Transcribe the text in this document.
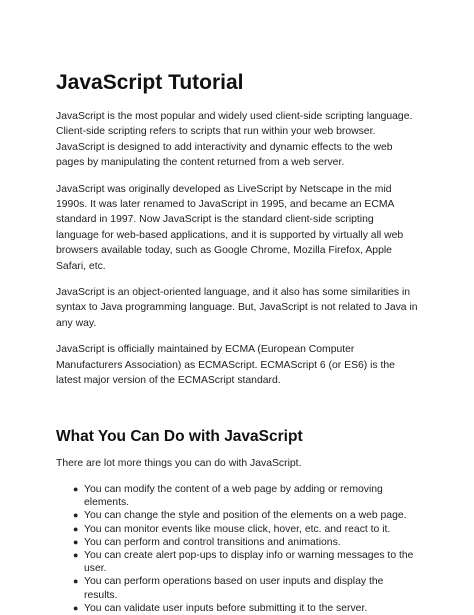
JavaScript Tutorial

JavaScript is the most popular and widely used client-side scripting language. Client-side scripting refers to scripts that run within your web browser. JavaScript is designed to add interactivity and dynamic effects to the web pages by manipulating the content returned from a web server.

JavaScript was originally developed as LiveScript by Netscape in the mid 1990s. It was later renamed to JavaScript in 1995, and became an ECMA standard in 1997. Now JavaScript is the standard client-side scripting language for web-based applications, and it is supported by virtually all web browsers available today, such as Google Chrome, Mozilla Firefox, Apple Safari, etc.

JavaScript is an object-oriented language, and it also has some similarities in syntax to Java programming language. But, JavaScript is not related to Java in any way.

JavaScript is officially maintained by ECMA (European Computer Manufacturers Association) as ECMAScript. ECMAScript 6 (or ES6) is the latest major version of the ECMAScript standard.

What You Can Do with JavaScript

There are lot more things you can do with JavaScript.

● You can modify the content of a web page by adding or removing elements.
● You can change the style and position of the elements on a web page.
● You can monitor events like mouse click, hover, etc. and react to it.
● You can perform and control transitions and animations.
● You can create alert pop-ups to display info or warning messages to the user.
● You can perform operations based on user inputs and display the results.
● You can validate user inputs before submitting it to the server.
